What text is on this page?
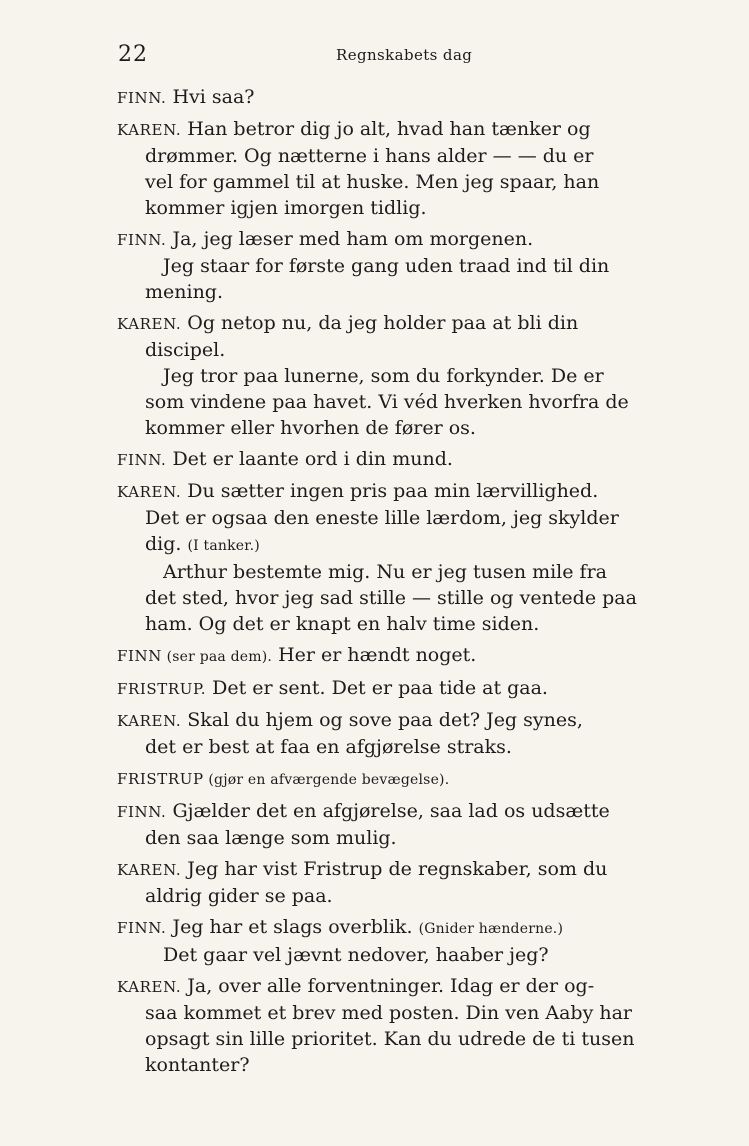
22	Regnskabets dag
FINN. Hvi saa?
KAREN. Han betror dig jo alt, hvad han tænker og
drømmer. Og nætterne i hans alder — — du er
vel for gammel til at huske. Men jeg spaar, han
kommer igjen imorgen tidlig.
FINN. Ja, jeg læser med ham om morgenen.
Jeg staar for første gang uden traad ind til din
mening.
KAREN. Og netop nu, da jeg holder paa at bli din
discipel.
Jeg tror paa lunerne, som du forkynder. De er
som vindene paa havet. Vi véd hverken hvorfra de
kommer eller hvorhen de fører os.
FINN. Det er laante ord i din mund.
KAREN. Du sætter ingen pris paa min lærvillighed.
Det er ogsaa den eneste lille lærdom, jeg skylder
dig. (I tanker.)
Arthur bestemte mig. Nu er jeg tusen mile fra
det sted, hvor jeg sad stille — stille og ventede paa
ham. Og det er knapt en halv time siden.
FINN (ser paa dem). Her er hændt noget.
FRISTRUP. Det er sent. Det er paa tide at gaa.
KAREN. Skal du hjem og sove paa det? Jeg synes,
det er best at faa en afgjørelse straks.
FRISTRUP (gjør en afværgende bevægelse).
FINN. Gjælder det en afgjørelse, saa lad os udsætte
den saa længe som mulig.
KAREN. Jeg har vist Fristrup de regnskaber, som du
aldrig gider se paa.
FINN. Jeg har et slags overblik. (Gnider hænderne.)
Det gaar vel jævnt nedover, haaber jeg?
KAREN. Ja, over alle forventninger. Idag er der og-
saa kommet et brev med posten. Din ven Aaby har
opsagt sin lille prioritet. Kan du udrede de ti tusen
kontanter?
